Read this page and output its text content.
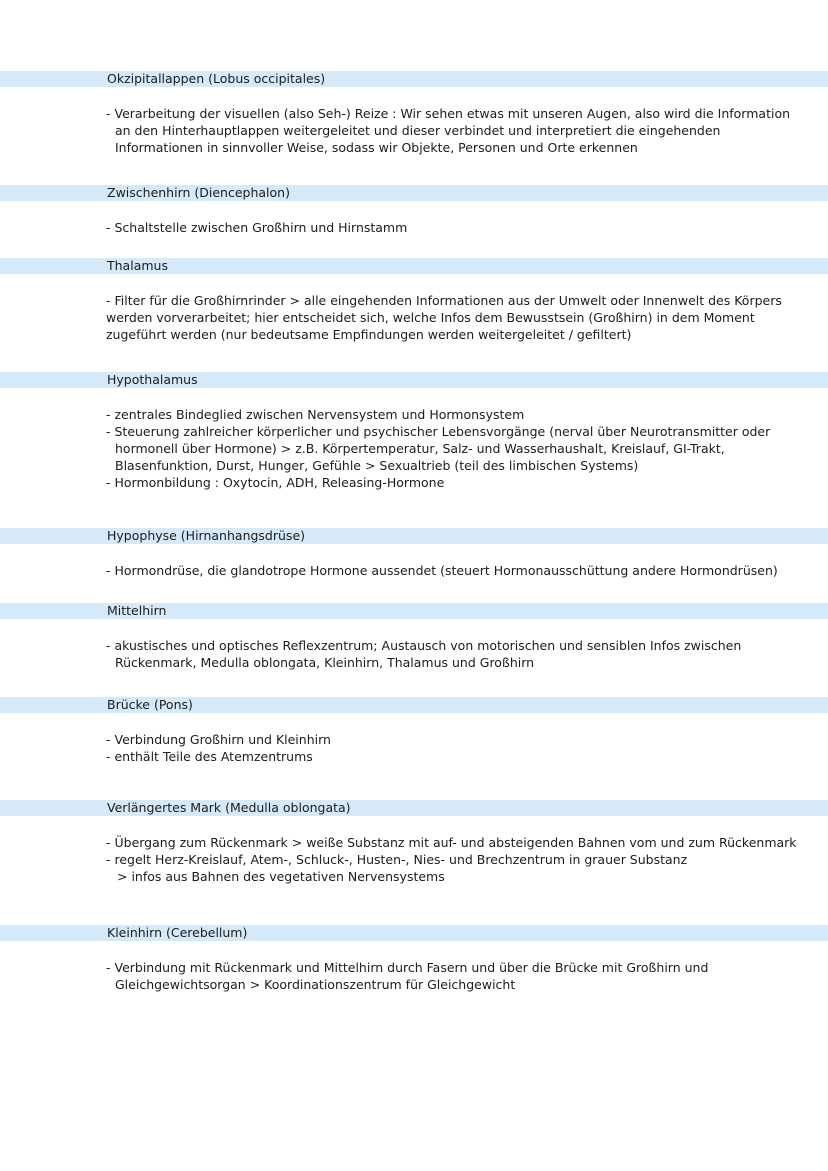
Okzipitallappen (Lobus occipitales)
- Verarbeitung der visuellen (also Seh-) Reize : Wir sehen etwas mit unseren Augen, also wird die Information
an den Hinterhauptlappen weitergeleitet und dieser verbindet und interpretiert die eingehenden
Informationen in sinnvoller Weise, sodass wir Objekte, Personen und Orte erkennen
Zwischenhirn (Diencephalon)
- Schaltstelle zwischen Großhirn und Hirnstamm
Thalamus
- Filter für die Großhirnrinder > alle eingehenden Informationen aus der Umwelt oder Innenwelt des Körpers
werden vorverarbeitet; hier entscheidet sich, welche Infos dem Bewusstsein (Großhirn) in dem Moment
zugeführt werden (nur bedeutsame Empfindungen werden weitergeleitet / gefiltert)
Hypothalamus
- zentrales Bindeglied zwischen Nervensystem und Hormonsystem
- Steuerung zahlreicher körperlicher und psychischer Lebensvorgänge (nerval über Neurotransmitter oder
hormonell über Hormone) > z.B. Körpertemperatur, Salz- und Wasserhaushalt, Kreislauf, GI-Trakt,
Blasenfunktion, Durst, Hunger, Gefühle > Sexualtrieb (teil des limbischen Systems)
- Hormonbildung : Oxytocin, ADH, Releasing-Hormone
Hypophyse (Hirnanhangsdrüse)
- Hormondrüse, die glandotrope Hormone aussendet (steuert Hormonausschüttung andere Hormondrüsen)
Mittelhirn
- akustisches und optisches Reflexzentrum; Austausch von motorischen und sensiblen Infos zwischen
Rückenmark, Medulla oblongata, Kleinhirn, Thalamus und Großhirn
Brücke (Pons)
- Verbindung Großhirn und Kleinhirn
- enthält Teile des Atemzentrums
Verlängertes Mark (Medulla oblongata)
- Übergang zum Rückenmark > weiße Substanz mit auf- und absteigenden Bahnen vom und zum Rückenmark
- regelt Herz-Kreislauf, Atem-, Schluck-, Husten-, Nies- und Brechzentrum in grauer Substanz
> infos aus Bahnen des vegetativen Nervensystems
Kleinhirn (Cerebellum)
- Verbindung mit Rückenmark und Mittelhirn durch Fasern und über die Brücke mit Großhirn und
Gleichgewichtsorgan > Koordinationszentrum für Gleichgewicht
